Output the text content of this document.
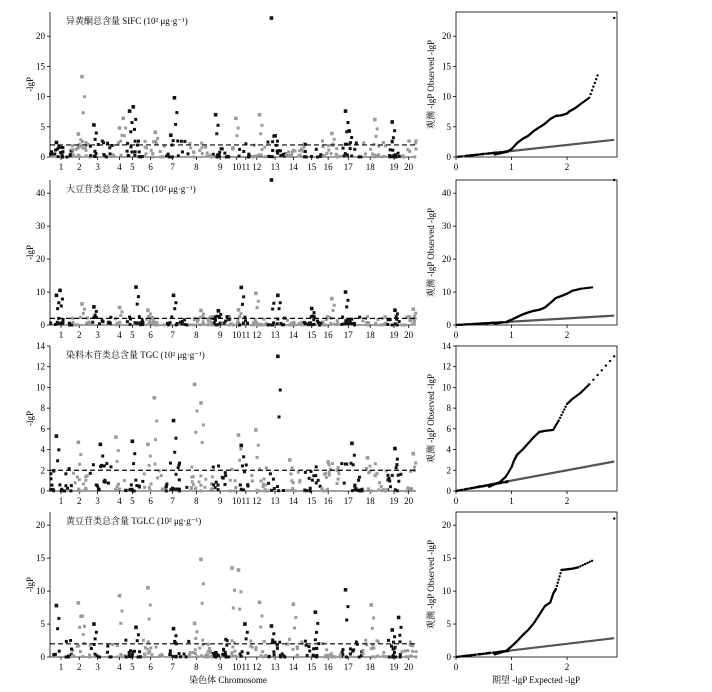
0
5
10
15
20
-lgP
异黄酮总含量 SIFC (10² μg·g⁻¹)
1 2 3 4 5 6 7 8 9 10 11 12 13 14 15 16 17 18 19 20
0
5
10
15
20
0	1	2
观测 -lgP Observed -lgP
0
10
20
30
40
-lgP
大豆苷类总含量 TDC (10² μg·g⁻¹)
1 2 3 4 5 6 7 8 9 10 11 12 13 14 15 16 17 18 19 20
0
10
20
30
40
0	1	2
观测 -lgP Observed -lgP
0
2
4
6
8
10
12
14
-lgP
染料木苷类总含量 TGC (10² μg·g⁻¹)
1 2 3 4 5 6 7 8 9 10 11 12 13 14 15 16 17 18 19 20
0
2
4
6
8
10
12
14
0	1	2
观测 -lgP Observed -lgP
0
5
10
15
20
-lgP
黄豆苷类总含量 TGLC (10² μg·g⁻¹)
1 2 3 4 5 6 7 8 9 10 11 12 13 14 15 16 17 18 19 20
0
5
10
15
20
0	1	2
观测 -lgP Observed -lgP
染色体 Chromosome	期望 -lgP Expected -lgP
